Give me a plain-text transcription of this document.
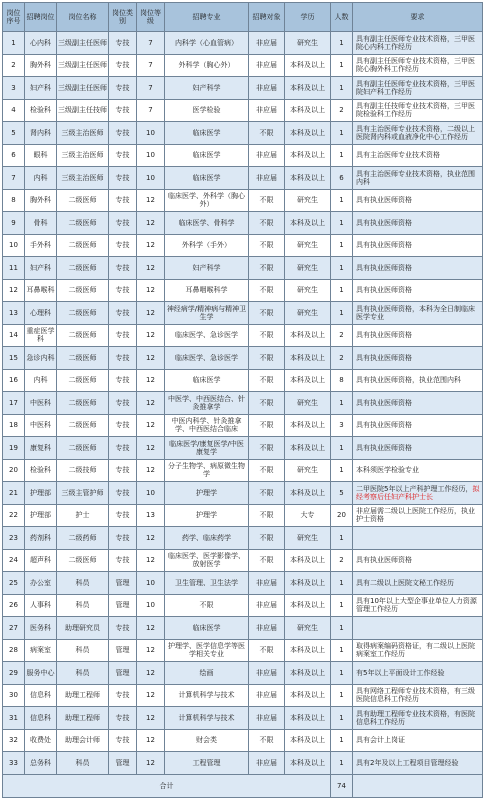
岗位序号	招聘岗位	岗位名称	岗位类别	岗位等级	招聘专业	招聘对象	学历	人数	要求
1	心内科	三级副主任医师	专技	7	内科学（心血管病）	非应届	研究生	1	具有副主任医师专业技术资格，三甲医院心内科工作经历
2	胸外科	三级副主任医师	专技	7	外科学（胸心外）	非应届	本科及以上	1	具有副主任医师专业技术资格，三甲医院心胸外科工作经历
3	妇产科	三级副主任医师	专技	7	妇产科学	非应届	本科及以上	1	具有副主任医师专业技术资格，三甲医院妇产科工作经历
4	检验科	三级副主任技师	专技	7	医学检验	非应届	本科及以上	2	具有副主任技师专业技术资格，三甲医院检验科工作经历
5	肾内科	三级主治医师	专技	10	临床医学	不限	本科及以上	1	具有主治医师专业技术资格，二级以上医院肾内科或血液净化中心工作经历
6	眼科	三级主治医师	专技	10	临床医学	非应届	本科及以上	1	具有主治医师专业技术资格
7	内科	三级主治医师	专技	10	临床医学	非应届	本科及以上	6	具有主治医师专业技术资格，执业范围内科
8	胸外科	二级医师	专技	12	临床医学、外科学（胸心外）	不限	研究生	1	具有执业医师资格
9	骨科	二级医师	专技	12	临床医学、骨科学	不限	本科及以上	1	具有执业医师资格
10	手外科	二级医师	专技	12	外科学（手外）	不限	研究生	1	具有执业医师资格
11	妇产科	二级医师	专技	12	妇产科学	不限	研究生	1	具有执业医师资格
12	耳鼻喉科	二级医师	专技	12	耳鼻咽喉科学	不限	研究生	1	具有执业医师资格
13	心理科	二级医师	专技	12	神经病学/精神病与精神卫生学	不限	研究生	1	具有执业医师资格，本科为全日制临床医学专业
14	重症医学科	二级医师	专技	12	临床医学、急诊医学	不限	本科及以上	2	具有执业医师资格
15	急诊内科	二级医师	专技	12	临床医学、急诊医学	不限	本科及以上	2	具有执业医师资格
16	内科	二级医师	专技	12	临床医学	不限	本科及以上	8	具有执业医师资格，执业范围内科
17	中医科	二级医师	专技	12	中医学、中西医结合、针灸推拿学	不限	研究生	1	具有执业医师资格
18	中医科	二级医师	专技	12	中医内科学、针灸推拿学、中西医结合临床	不限	本科及以上	3	具有执业医师资格
19	康复科	二级医师	专技	12	临床医学/康复医学/中医康复学	不限	本科及以上	1	具有执业医师资格
20	检验科	二级技师	专技	12	分子生物学、病原微生物学	不限	研究生	1	本科须医学检验专业
21	护理部	三级主管护师	专技	10	护理学	不限	本科及以上	5	二甲医院5年以上产科护理工作经历，拟经考察后任妇产科护士长
22	护理部	护士	专技	13	护理学	不限	大专	20	非应届需二级以上医院工作经历，执业护士资格
23	药剂科	二级药师	专技	12	药学、临床药学	不限	研究生	1	
24	超声科	二级医师	专技	12	临床医学、医学影像学、放射医学	不限	本科及以上	2	具有执业医师资格
25	办公室	科员	管理	10	卫生管理、卫生法学	非应届	本科及以上	1	具有二级以上医院文秘工作经历
26	人事科	科员	管理	10	不限	非应届	本科及以上	1	具有10年以上大型企事业单位人力资源管理工作经历
27	医务科	助理研究员	专技	12	临床医学	非应届	研究生	1	
28	病案室	科员	管理	12	护理学、医学信息学等医学相关专业	不限	本科及以上	1	取得病案编码资格证，有二级以上医院病案室工作经历
29	服务中心	科员	管理	12	绘画	非应届	本科及以上	1	有5年以上平面设计工作经验
30	信息科	助理工程师	专技	12	计算机科学与技术	非应届	本科及以上	1	具有网络工程师专业技术资格，有三级医院信息科工作经历
31	信息科	助理工程师	专技	12	计算机科学与技术	非应届	本科及以上	1	具有助理工程师专业技术资格，有医院信息科工作经历
32	收费处	助理会计师	专技	12	财会类	不限	本科及以上	1	具有会计上岗证
33	总务科	科员	管理	12	工程管理	非应届	本科及以上	1	具有2年及以上工程项目管理经验
合计								74	
